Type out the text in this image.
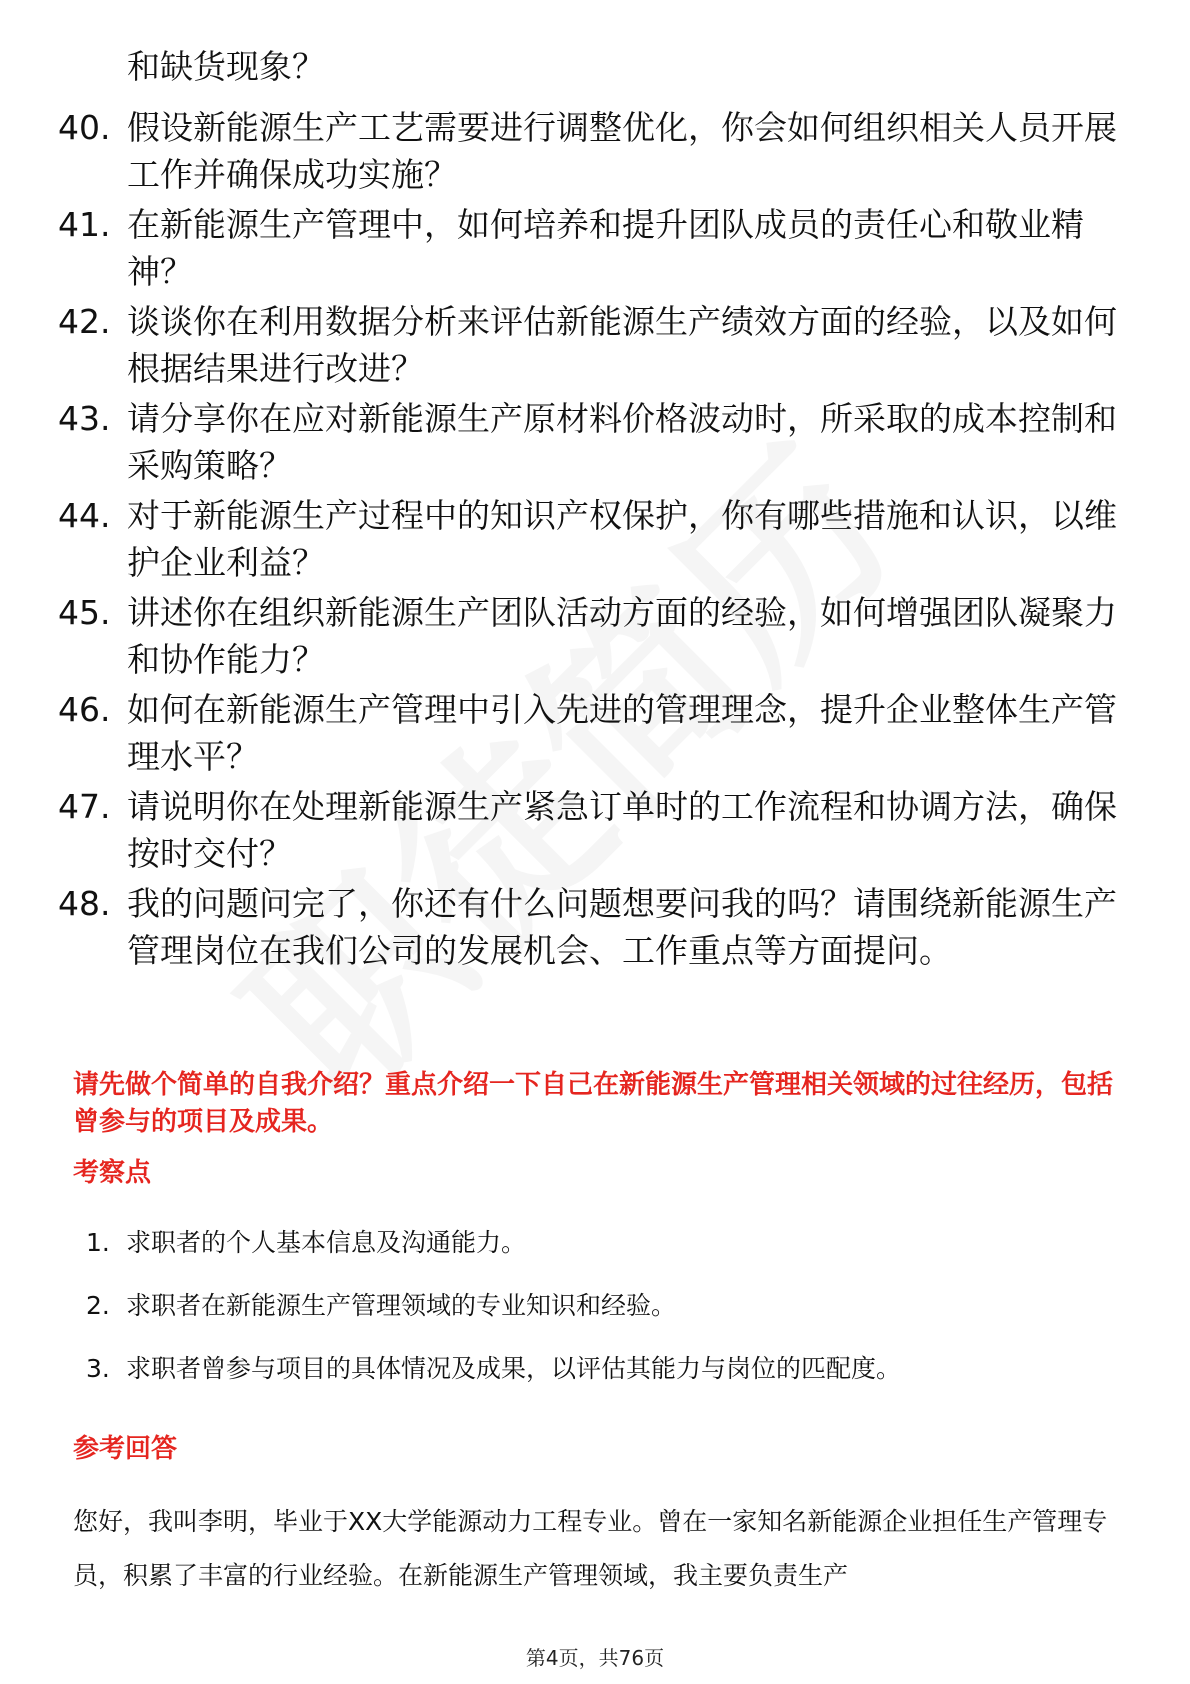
和缺货现象？
40. 假设新能源生产工艺需要进行调整优化，你会如何组织相关人员开展工作并确保成功实施？
41. 在新能源生产管理中，如何培养和提升团队成员的责任心和敬业精神？
42. 谈谈你在利用数据分析来评估新能源生产绩效方面的经验，以及如何根据结果进行改进？
43. 请分享你在应对新能源生产原材料价格波动时，所采取的成本控制和采购策略？
44. 对于新能源生产过程中的知识产权保护，你有哪些措施和认识，以维护企业利益？
45. 讲述你在组织新能源生产团队活动方面的经验，如何增强团队凝聚力和协作能力？
46. 如何在新能源生产管理中引入先进的管理理念，提升企业整体生产管理水平？
47. 请说明你在处理新能源生产紧急订单时的工作流程和协调方法，确保按时交付？
48. 我的问题问完了，你还有什么问题想要问我的吗？请围绕新能源生产管理岗位在我们公司的发展机会、工作重点等方面提问。
请先做个简单的自我介绍？重点介绍一下自己在新能源生产管理相关领域的过往经历，包括曾参与的项目及成果。
考察点
1. 求职者的个人基本信息及沟通能力。
2. 求职者在新能源生产管理领域的专业知识和经验。
3. 求职者曾参与项目的具体情况及成果，以评估其能力与岗位的匹配度。
参考回答
您好，我叫李明，毕业于XX大学能源动力工程专业。曾在一家知名新能源企业担任生产管理专员，积累了丰富的行业经验。在新能源生产管理领域，我主要负责生产
第4页，共76页
